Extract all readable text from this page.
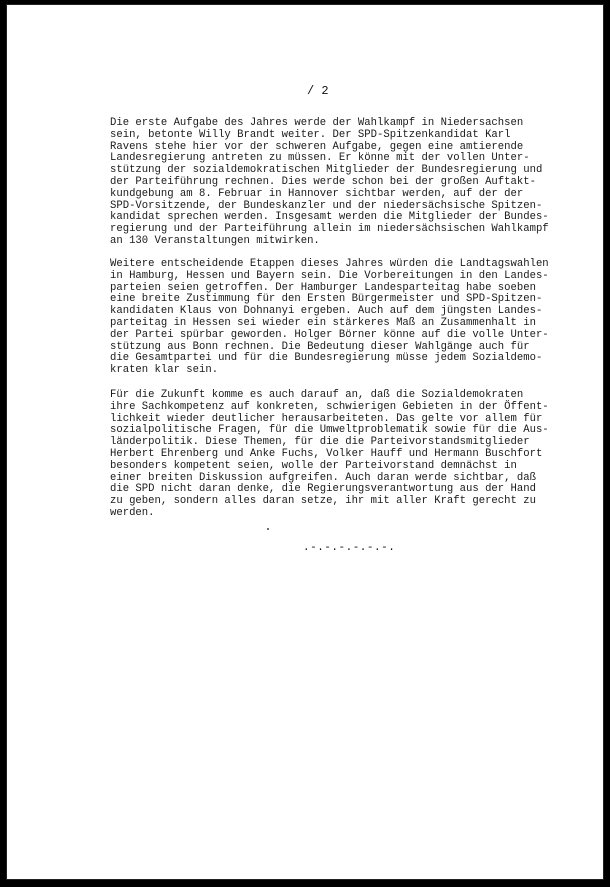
/ 2
Die erste Aufgabe des Jahres werde der Wahlkampf in Niedersachsen
sein, betonte Willy Brandt weiter. Der SPD-Spitzenkandidat Karl
Ravens stehe hier vor der schweren Aufgabe, gegen eine amtierende
Landesregierung antreten zu müssen. Er könne mit der vollen Unter-
stützung der sozialdemokratischen Mitglieder der Bundesregierung und
der Parteiführung rechnen. Dies werde schon bei der großen Auftakt-
kundgebung am 8. Februar in Hannover sichtbar werden, auf der der
SPD-Vorsitzende, der Bundeskanzler und der niedersächsische Spitzen-
kandidat sprechen werden. Insgesamt werden die Mitglieder der Bundes-
regierung und der Parteiführung allein im niedersächsischen Wahlkampf
an 130 Veranstaltungen mitwirken.
Weitere entscheidende Etappen dieses Jahres würden die Landtagswahlen
in Hamburg, Hessen und Bayern sein. Die Vorbereitungen in den Landes-
parteien seien getroffen. Der Hamburger Landesparteitag habe soeben
eine breite Zustimmung für den Ersten Bürgermeister und SPD-Spitzen-
kandidaten Klaus von Dohnanyi ergeben. Auch auf dem jüngsten Landes-
parteitag in Hessen sei wieder ein stärkeres Maß an Zusammenhalt in
der Partei spürbar geworden. Holger Börner könne auf die volle Unter-
stützung aus Bonn rechnen. Die Bedeutung dieser Wahlgänge auch für
die Gesamtpartei und für die Bundesregierung müsse jedem Sozialdemo-
kraten klar sein.
Für die Zukunft komme es auch darauf an, daß die Sozialdemokraten
ihre Sachkompetenz auf konkreten, schwierigen Gebieten in der Öffent-
lichkeit wieder deutlicher herausarbeiteten. Das gelte vor allem für
sozialpolitische Fragen, für die Umweltproblematik sowie für die Aus-
länderpolitik. Diese Themen, für die die Parteivorstandsmitglieder
Herbert Ehrenberg und Anke Fuchs, Volker Hauff und Hermann Buschfort
besonders kompetent seien, wolle der Parteivorstand demnächst in
einer breiten Diskussion aufgreifen. Auch daran werde sichtbar, daß
die SPD nicht daran denke, die Regierungsverantwortung aus der Hand
zu geben, sondern alles daran setze, ihr mit aller Kraft gerecht zu
werden.
.-.-.-.-.-.-.
